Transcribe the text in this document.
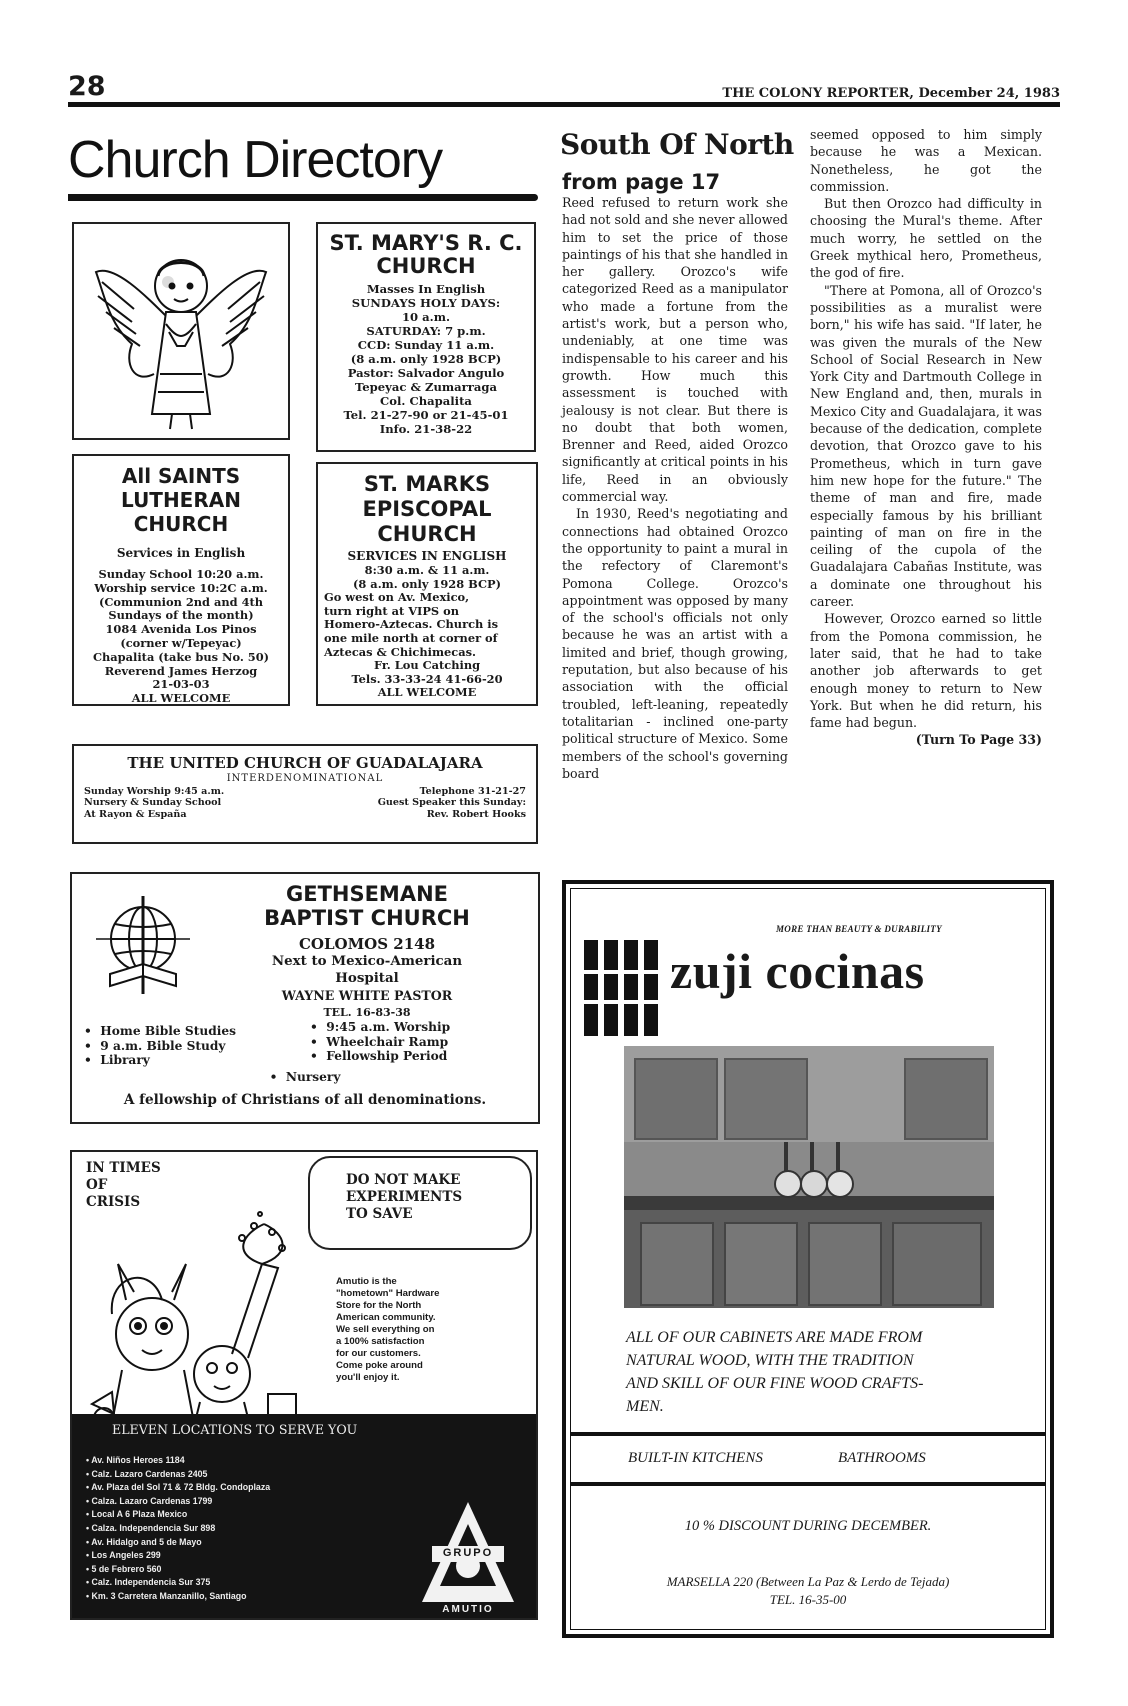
28	THE COLONY REPORTER, December 24, 1983
Church Directory
ST. MARY'S R. C.
CHURCH
Masses In English
SUNDAYS HOLY DAYS:
10 a.m.
SATURDAY: 7 p.m.
CCD: Sunday 11 a.m.
(8 a.m. only 1928 BCP)
Pastor: Salvador Angulo
Tepeyac & Zumarraga
Col. Chapalita
Tel. 21-27-90 or 21-45-01
Info. 21-38-22
All SAINTS
LUTHERAN
CHURCH
Services in English
Sunday School 10:20 a.m.
Worship service 10:2C a.m.
(Communion 2nd and 4th
Sundays of the month)
1084 Avenida Los Pinos
(corner w/Tepeyac)
Chapalita (take bus No. 50)
Reverend James Herzog
21-03-03
ALL WELCOME
ST. MARKS
EPISCOPAL
CHURCH
SERVICES IN ENGLISH
8:30 a.m. & 11 a.m.
(8 a.m. only 1928 BCP)
Go west on Av. Mexico,
turn right at VIPS on
Homero-Aztecas. Church is
one mile north at corner of
Aztecas & Chichimecas.
Fr. Lou Catching
Tels. 33-33-24 41-66-20
ALL WELCOME
THE UNITED CHURCH OF GUADALAJARA
INTERDENOMINATIONAL
Sunday Worship 9:45 a.m.
Nursery & Sunday School
At Rayon & España
Telephone 31-21-27
Guest Speaker this Sunday:
Rev. Robert Hooks
GETHSEMANE
BAPTIST CHURCH
COLOMOS 2148
Next to Mexico-American
Hospital
WAYNE WHITE PASTOR
TEL. 16-83-38
•  Home Bible Studies
•  9 a.m. Bible Study
•  Library
•  9:45 a.m. Worship
•  Wheelchair Ramp
•  Fellowship Period
•  Nursery
A fellowship of Christians of all denominations.
IN TIMES
OF
CRISIS
DO NOT MAKE
EXPERIMENTS
TO SAVE
Amutio is the
"hometown" Hardware
Store for the North
American community.
We sell everything on
a 100% satisfaction
for our customers.
Come poke around
you'll enjoy it.
ELEVEN LOCATIONS TO SERVE YOU
• Av. Niños Heroes 1184
• Calz. Lazaro Cardenas 2405
• Av. Plaza del Sol 71 & 72 Bldg. Condoplaza
• Calza. Lazaro Cardenas 1799
• Local A 6 Plaza Mexico
• Calza. Independencia Sur 898
• Av. Hidalgo and 5 de Mayo
• Los Angeles 299
• 5 de Febrero 560
• Calz. Independencia Sur 375
• Km. 3 Carretera Manzanillo, Santiago
GRUPO
AMUTIO
South Of North
from page 17

Reed refused to return work she had not sold and she never allowed him to set the price of those paintings of his that she handled in her gallery. Orozco's wife categorized Reed as a manipulator who made a fortune from the artist's work, but a person who, undeniably, at one time was indispensable to his career and his growth. How much this assessment is touched with jealousy is not clear. But there is no doubt that both women, Brenner and Reed, aided Orozco significantly at critical points in his life, Reed in an obviously commercial way.

In 1930, Reed's negotiating and connections had obtained Orozco the opportunity to paint a mural in the refectory of Claremont's Pomona College. Orozco's appointment was opposed by many of the school's officials not only because he was an artist with a limited and brief, though growing, reputation, but also because of his association with the official troubled, left-leaning, repeatedly totalitarian - inclined one-party political structure of Mexico. Some members of the school's governing board

seemed opposed to him simply because he was a Mexican. Nonetheless, he got the commission.

But then Orozco had difficulty in choosing the Mural's theme. After much worry, he settled on the Greek mythical hero, Prometheus, the god of fire.

"There at Pomona, all of Orozco's possibilities as a muralist were born," his wife has said. "If later, he was given the murals of the New School of Social Research in New York City and Dartmouth College in New England and, then, murals in Mexico City and Guadalajara, it was because of the dedication, complete devotion, that Orozco gave to his Prometheus, which in turn gave him new hope for the future." The theme of man and fire, made especially famous by his brilliant painting of man on fire in the ceiling of the cupola of the Guadalajara Cabañas Institute, was a dominate one throughout his career.

However, Orozco earned so little from the Pomona commission, he later said, that he had to take another job afterwards to get enough money to return to New York. But when he did return, his fame had begun.

(Turn To Page 33)
MORE THAN BEAUTY & DURABILITY
zuji cocinas
ALL OF OUR CABINETS ARE MADE FROM
NATURAL WOOD, WITH THE TRADITION
AND SKILL OF OUR FINE WOOD CRAFTS-
MEN.
BUILT-IN KITCHENS	BATHROOMS
10 % DISCOUNT DURING DECEMBER.
MARSELLA 220 (Between La Paz & Lerdo de Tejada)
TEL. 16-35-00
